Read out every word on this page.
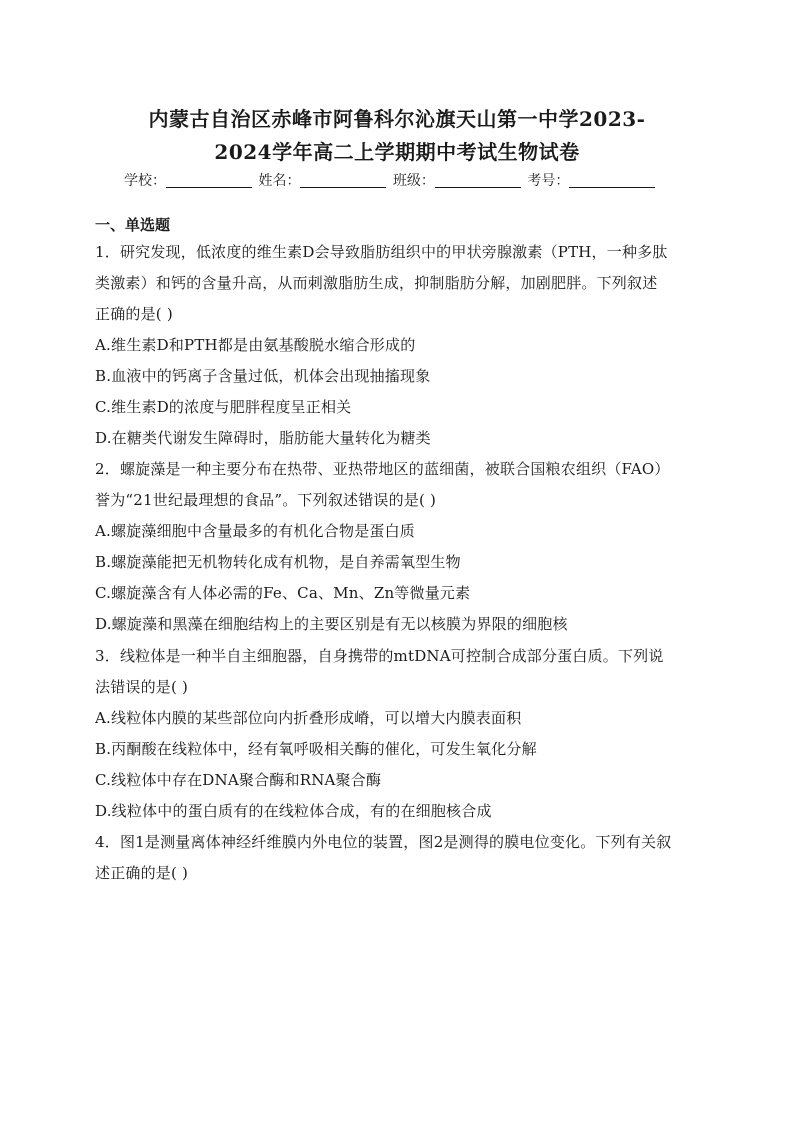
内蒙古自治区赤峰市阿鲁科尔沁旗天山第一中学2023-
2024学年高二上学期期中考试生物试卷
学校：	姓名：	班级：	考号：
一、单选题
1．研究发现，低浓度的维生素D会导致脂肪组织中的甲状旁腺激素（PTH，一种多肽
类激素）和钙的含量升高，从而刺激脂肪生成，抑制脂肪分解，加剧肥胖。下列叙述
正确的是( )
A.维生素D和PTH都是由氨基酸脱水缩合形成的
B.血液中的钙离子含量过低，机体会出现抽搐现象
C.维生素D的浓度与肥胖程度呈正相关
D.在糖类代谢发生障碍时，脂肪能大量转化为糖类
2．螺旋藻是一种主要分布在热带、亚热带地区的蓝细菌，被联合国粮农组织（FAO）
誉为“21世纪最理想的食品”。下列叙述错误的是( )
A.螺旋藻细胞中含量最多的有机化合物是蛋白质
B.螺旋藻能把无机物转化成有机物，是自养需氧型生物
C.螺旋藻含有人体必需的Fe、Ca、Mn、Zn等微量元素
D.螺旋藻和黑藻在细胞结构上的主要区别是有无以核膜为界限的细胞核
3．线粒体是一种半自主细胞器，自身携带的mtDNA可控制合成部分蛋白质。下列说
法错误的是( )
A.线粒体内膜的某些部位向内折叠形成嵴，可以增大内膜表面积
B.丙酮酸在线粒体中，经有氧呼吸相关酶的催化，可发生氧化分解
C.线粒体中存在DNA聚合酶和RNA聚合酶
D.线粒体中的蛋白质有的在线粒体合成，有的在细胞核合成
4．图1是测量离体神经纤维膜内外电位的装置，图2是测得的膜电位变化。下列有关叙
述正确的是( )
